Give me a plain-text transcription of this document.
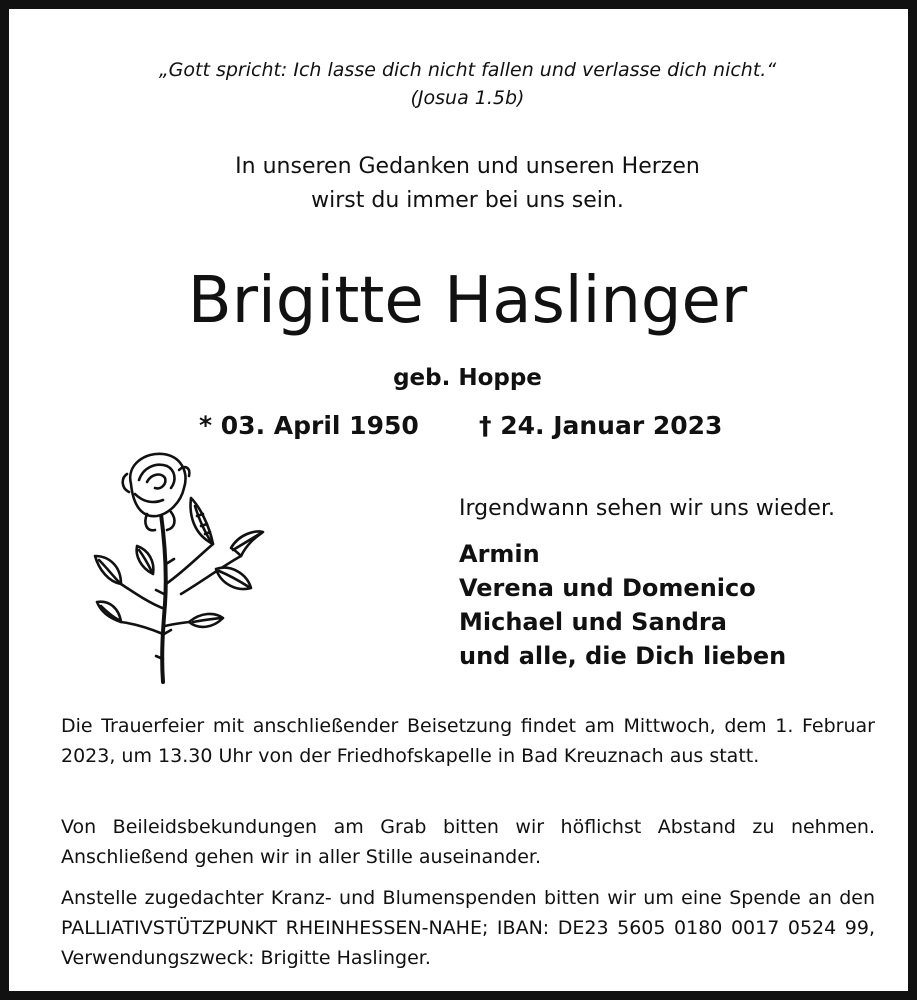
„Gott spricht: Ich lasse dich nicht fallen und verlasse dich nicht.“
(Josua 1.5b)
In unseren Gedanken und unseren Herzen
wirst du immer bei uns sein.
Brigitte Haslinger
geb. Hoppe
* 03. April 1950 † 24. Januar 2023
Irgendwann sehen wir uns wieder.
Armin
Verena und Domenico
Michael und Sandra
und alle, die Dich lieben
Die Trauerfeier mit anschließender Beisetzung findet am Mittwoch, dem 1. Februar 2023, um 13.30 Uhr von der Friedhofskapelle in Bad Kreuznach aus statt.
Von Beileidsbekundungen am Grab bitten wir höflichst Abstand zu nehmen. Anschließend gehen wir in aller Stille auseinander.
Anstelle zugedachter Kranz- und Blumenspenden bitten wir um eine Spende an den PALLIATIVSTÜTZPUNKT RHEINHESSEN-NAHE; IBAN: DE23 5605 0180 0017 0524 99, Verwendungszweck: Brigitte Haslinger.
